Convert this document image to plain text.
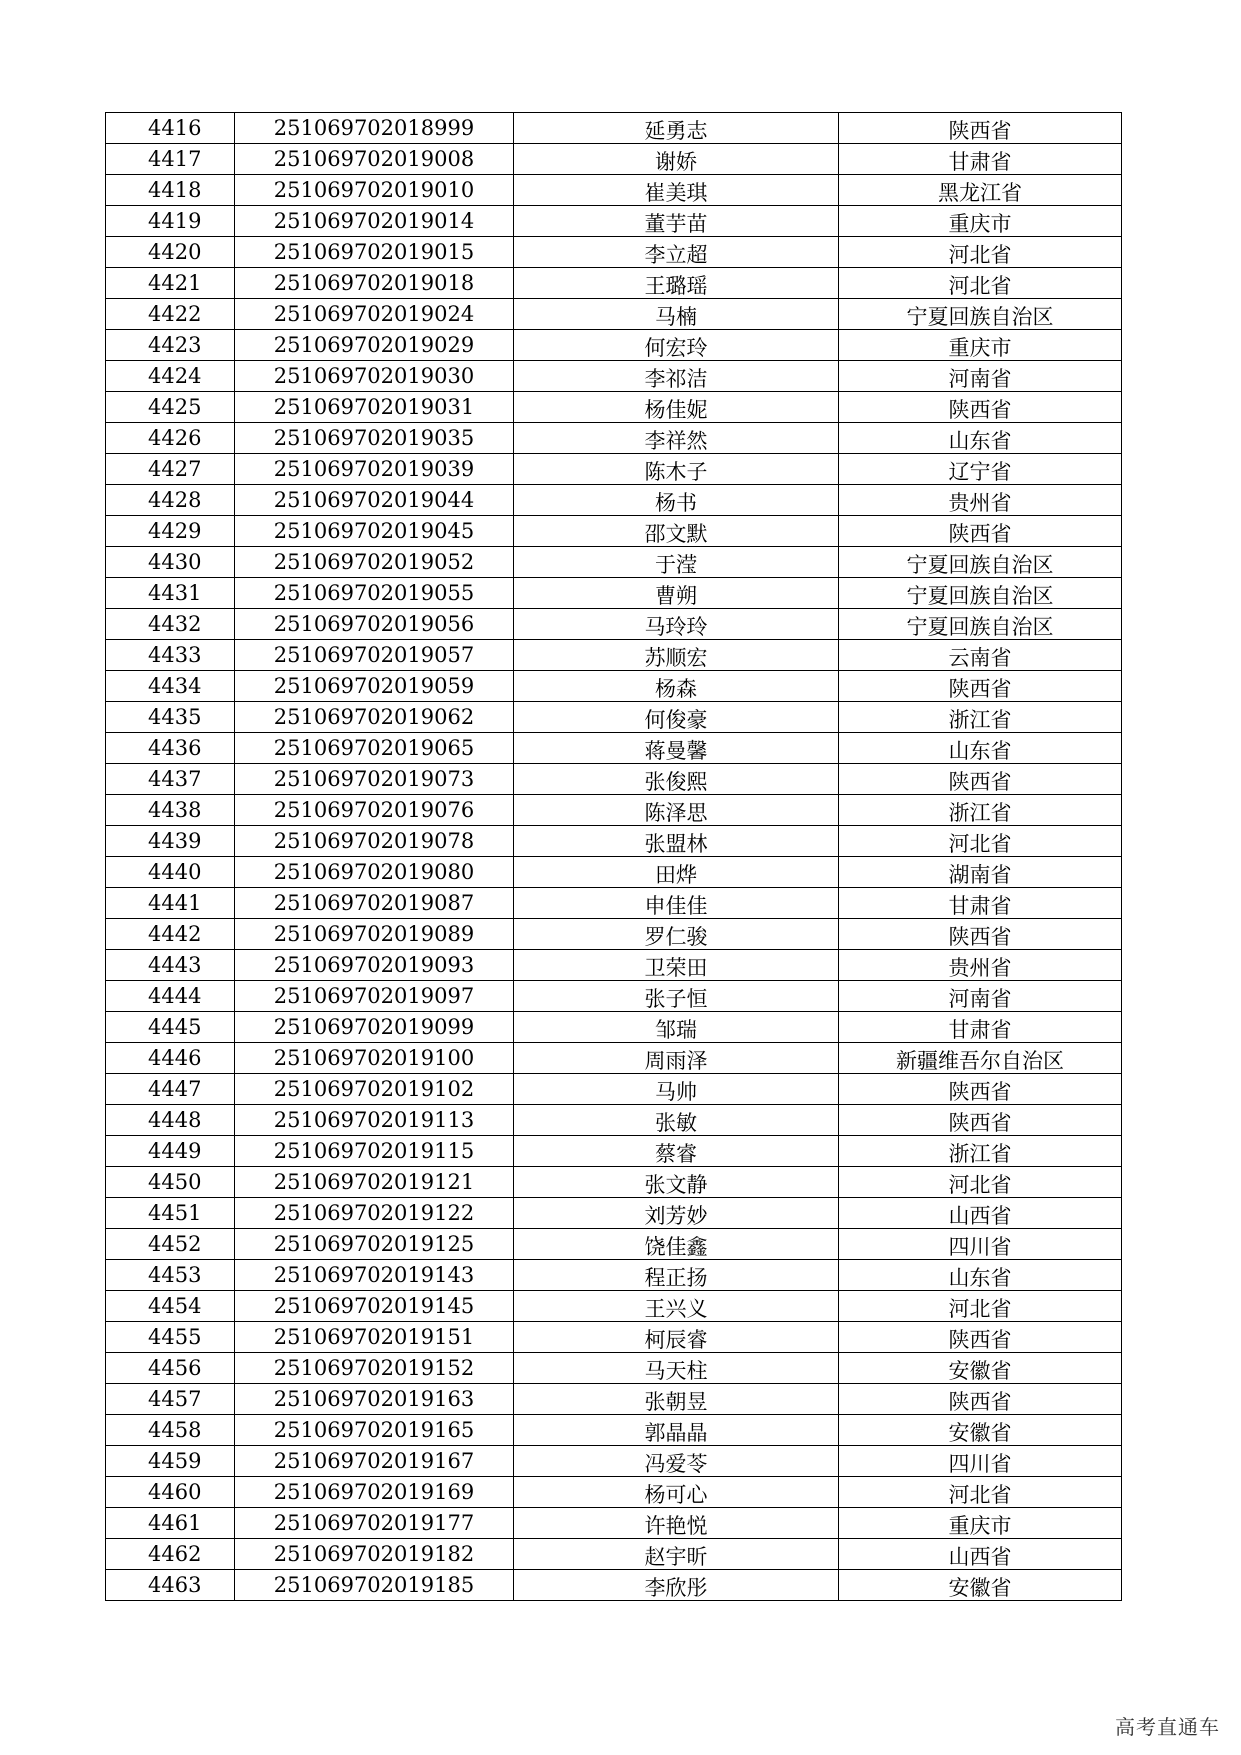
4416	251069702018999	延勇志	陕西省
4417	251069702019008	谢娇	甘肃省
4418	251069702019010	崔美琪	黑龙江省
4419	251069702019014	董芋苗	重庆市
4420	251069702019015	李立超	河北省
4421	251069702019018	王璐瑶	河北省
4422	251069702019024	马楠	宁夏回族自治区
4423	251069702019029	何宏玲	重庆市
4424	251069702019030	李祁洁	河南省
4425	251069702019031	杨佳妮	陕西省
4426	251069702019035	李祥然	山东省
4427	251069702019039	陈木子	辽宁省
4428	251069702019044	杨书	贵州省
4429	251069702019045	邵文默	陕西省
4430	251069702019052	于滢	宁夏回族自治区
4431	251069702019055	曹朔	宁夏回族自治区
4432	251069702019056	马玲玲	宁夏回族自治区
4433	251069702019057	苏顺宏	云南省
4434	251069702019059	杨森	陕西省
4435	251069702019062	何俊豪	浙江省
4436	251069702019065	蒋曼馨	山东省
4437	251069702019073	张俊熙	陕西省
4438	251069702019076	陈泽思	浙江省
4439	251069702019078	张盟林	河北省
4440	251069702019080	田烨	湖南省
4441	251069702019087	申佳佳	甘肃省
4442	251069702019089	罗仁骏	陕西省
4443	251069702019093	卫荣田	贵州省
4444	251069702019097	张子恒	河南省
4445	251069702019099	邹瑞	甘肃省
4446	251069702019100	周雨泽	新疆维吾尔自治区
4447	251069702019102	马帅	陕西省
4448	251069702019113	张敏	陕西省
4449	251069702019115	蔡睿	浙江省
4450	251069702019121	张文静	河北省
4451	251069702019122	刘芳妙	山西省
4452	251069702019125	饶佳鑫	四川省
4453	251069702019143	程正扬	山东省
4454	251069702019145	王兴义	河北省
4455	251069702019151	柯辰睿	陕西省
4456	251069702019152	马天柱	安徽省
4457	251069702019163	张朝昱	陕西省
4458	251069702019165	郭晶晶	安徽省
4459	251069702019167	冯爱苓	四川省
4460	251069702019169	杨可心	河北省
4461	251069702019177	许艳悦	重庆市
4462	251069702019182	赵宇昕	山西省
4463	251069702019185	李欣彤	安徽省
高考直通车
